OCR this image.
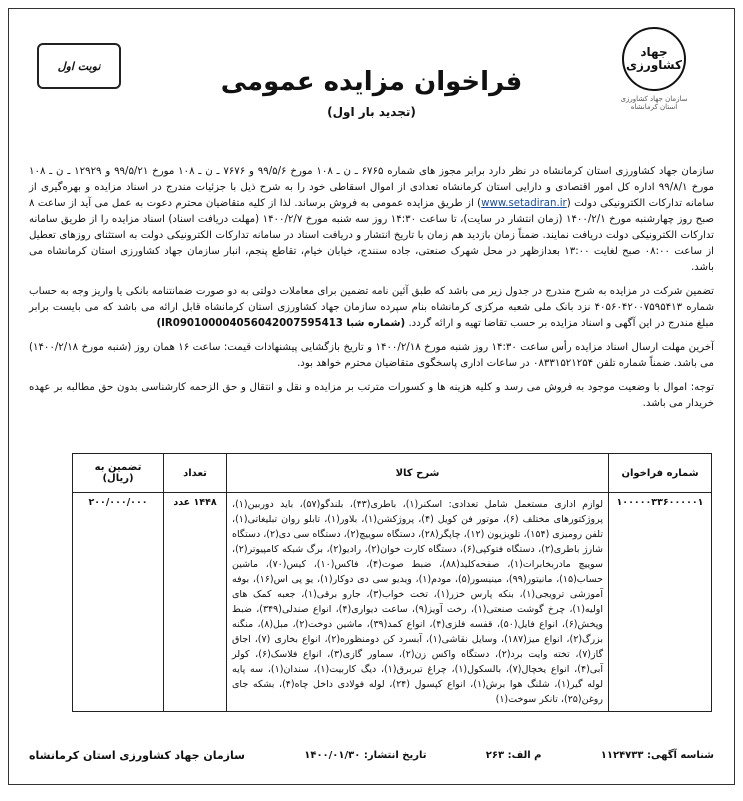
جهاد کشاورزی
سازمان جهاد کشاورزی استان کرمانشاه
نوبت اول
فراخوان مزایده عمومی
(تجدید بار اول)

سازمان جهاد کشاورزی استان کرمانشاه در نظر دارد برابر مجوز های شماره ۶۷۶۵ ـ ن ـ ۱۰۸ مورخ ۹۹/۵/۶ و ۷۶۷۶ ـ ن ـ ۱۰۸ مورخ ۹۹/۵/۲۱ و ۱۲۹۲۹ ـ ن ـ ۱۰۸ مورخ ۹۹/۸/۱ اداره کل امور اقتصادی و دارایی استان کرمانشاه تعدادی از اموال اسقاطی خود را به شرح ذیل با جزئیات مندرج در اسناد مزایده و بهره‌گیری از سامانه تدارکات الکترونیکی دولت (www.setadiran.ir) از طریق مزایده عمومی به فروش برساند. لذا از کلیه متقاضیان محترم دعوت به عمل می آید از ساعت ۸ صبح روز چهارشنبه مورخ ۱۴۰۰/۲/۱ (زمان انتشار در سایت)، تا ساعت ۱۴:۳۰ روز سه شنبه مورخ ۱۴۰۰/۲/۷ (مهلت دریافت اسناد) اسناد مزایده را از طریق سامانه تدارکات الکترونیکی دولت دریافت نمایند. ضمناً زمان بازدید هم زمان با تاریخ انتشار و دریافت اسناد در سامانه تدارکات الکترونیکی دولت به استثنای روزهای تعطیل از ساعت ۰۸:۰۰ صبح لغایت ۱۳:۰۰ بعدازظهر در محل شهرک صنعتی، جاده سنندج، خیابان خیام، تقاطع پنجم، انبار سازمان جهاد کشاورزی استان کرمانشاه می باشد.

تضمین شرکت در مزایده به شرح مندرج در جدول زیر می باشد که طبق آئین نامه تضمین برای معاملات دولتی به دو صورت ضمانتنامه بانکی یا واریز وجه به حساب شماره ۴۰۵۶۰۴۲۰۰۷۵۹۵۴۱۳ نزد بانک ملی شعبه مرکزی کرمانشاه بنام سپرده سازمان جهاد کشاورزی استان کرمانشاه قابل ارائه می باشد که می بایست برابر مبلغ مندرج در این آگهی و اسناد مزایده بر حسب تقاضا تهیه و ارائه گردد. (شماره شبا IR090100004056042007595413)

آخرین مهلت ارسال اسناد مزایده رأس ساعت ۱۴:۳۰ روز شنبه مورخ ۱۴۰۰/۲/۱۸ و تاریخ بازگشایی پیشنهادات قیمت: ساعت ۱۶ همان روز (شنبه مورخ ۱۴۰۰/۲/۱۸) می باشد. ضمناً شماره تلفن ۰۸۳۳۱۵۲۱۲۵۴ در ساعات اداری پاسخگوی متقاضیان محترم خواهد بود.

توجه: اموال با وضعیت موجود به فروش می رسد و کلیه هزینه ها و کسورات مترتب بر مزایده و نقل و انتقال و حق الزحمه کارشناسی بدون حق مطالبه بر عهده خریدار می باشد.

شماره فراخوان	شرح کالا	تعداد	تضمین به (ریال)
۱۰۰۰۰۰۳۳۶۰۰۰۰۰۱	لوازم اداری مستعمل شامل تعدادی: اسکنر(۱)، باطری(۴۳)، بلندگو(۵۷)، باید دوربین(۱)، پروژکتورهای مختلف (۶)، موتور فن کویل (۴)، پروژکشن(۱)، بلاور(۱)، تابلو روان تبلیغاتی(۱)، تلفن رومیزی (۱۵۴)، تلویزیون (۱۲)، چاپگر(۲۸)، دستگاه سوییچ(۲)، دستگاه سی دی(۲)، دستگاه شارژ باطری(۲)، دستگاه فتوکپی(۶)، دستگاه کارت خوان(۲)، رادیو(۲)، برگ شبکه کامپیوتر(۲)، سوییچ مادربخابرات(۱)، صفحه‌کلید(۸۸)، ضبط صوت(۴)، فاکس(۱۰)، کیس(۷۰)، ماشین حساب(۱۵)، مانیتور(۹۹)، مینیسور(۵)، مودم(۱)، ویدیو سی دی دوکار(۱)، یو پی اس(۱۶)، بوفه آموزشی ترویجی(۱)، بنکه پارس خزر(۱)، تخت خواب(۳)، جارو برقی(۱)، جعبه کمک های اولیه(۱)، چرخ گوشت صنعتی(۱)، رخت آویز(۹)، ساعت دیواری(۴)، انواع صندلی(۳۴۹)، ضبط وپخش(۶)، انواع فایل(۵۰)، قفسه فلزی(۴)، انواع کمد(۳۹)، ماشین دوخت(۲)، مبل(۸)، منگنه بزرگ(۲)، انواع میز(۱۸۷)، وسایل نقاشی(۱)، آبسرد کن دومنظوره(۲)، انواع بخاری (۷)، اجاق گاز(۷)، تخته وایت برد(۲)، دستگاه واکس زن(۲)، سماور گازی(۳)، انواع فلاسک(۶)، کولر آبی(۴)، انواع یخچال(۷)، بالسکول(۱)، چراغ تیربرق(۱)، دیگ کاربیت(۱)، سندان(۱)، سه پایه لوله گیر(۱)، شلنگ هوا برش(۱)، انواع کپسول (۲۴)، لوله فولادی داخل چاه(۴)، بشکه جای روغن(۲۵)، تانکر سوخت(۱)	۱۴۴۸ عدد	۲۰۰/۰۰۰/۰۰۰
شناسه آگهی: ۱۱۲۴۷۳۳
م الف: ۲۶۳
تاریخ انتشار: ۱۴۰۰/۰۱/۳۰
سازمان جهاد کشاورزی استان کرمانشاه
